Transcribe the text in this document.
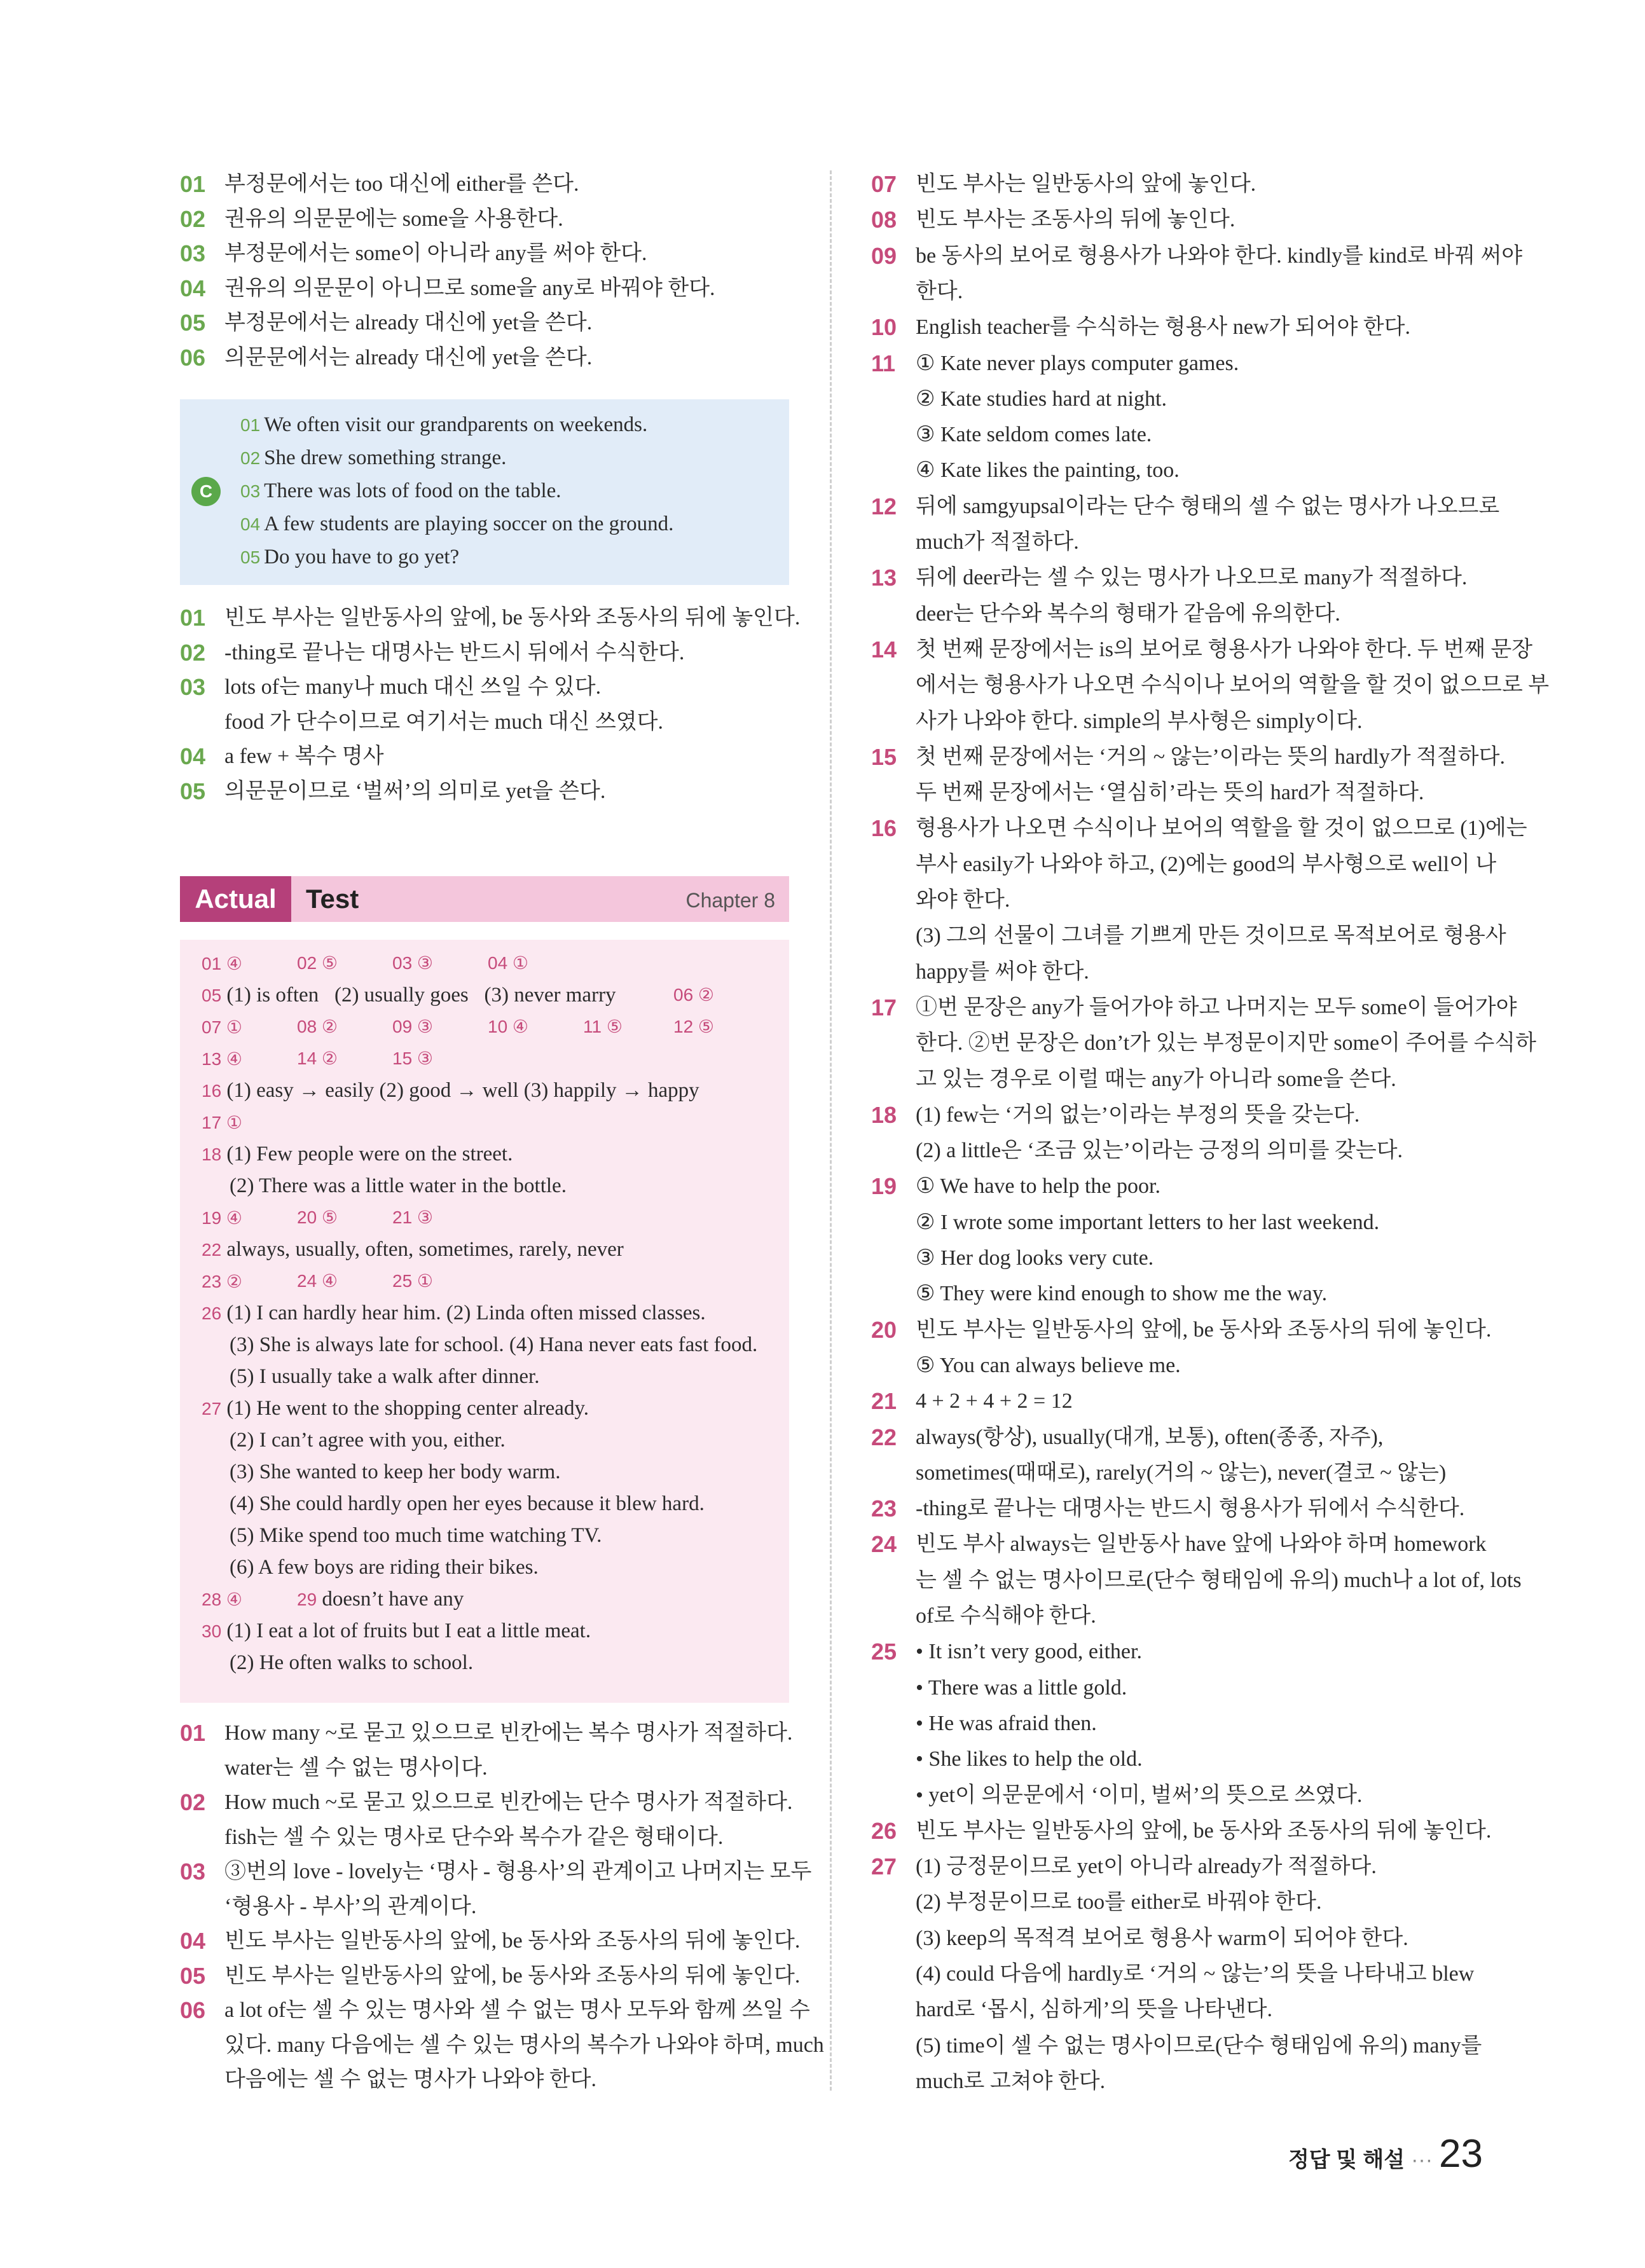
01 부정문에서는 too 대신에 either를 쓴다.
02 권유의 의문문에는 some을 사용한다.
03 부정문에서는 some이 아니라 any를 써야 한다.
04 권유의 의문문이 아니므로 some을 any로 바꿔야 한다.
05 부정문에서는 already 대신에 yet을 쓴다.
06 의문문에서는 already 대신에 yet을 쓴다.
C
01 We often visit our grandparents on weekends.
02 She drew something strange.
03 There was lots of food on the table.
04 A few students are playing soccer on the ground.
05 Do you have to go yet?
01 빈도 부사는 일반동사의 앞에, be 동사와 조동사의 뒤에 놓인다.
02 -thing로 끝나는 대명사는 반드시 뒤에서 수식한다.
03 lots of는 many나 much 대신 쓰일 수 있다.
food 가 단수이므로 여기서는 much 대신 쓰였다.
04 a few + 복수 명사
05 의문문이므로 ‘벌써’의 의미로 yet을 쓴다.
Actual	Test	Chapter 8
01 ④	02 ⑤	03 ③	04 ①
05 (1) is often (2) usually goes (3) never marry	06 ②
07 ①	08 ②	09 ③	10 ④	11 ⑤	12 ⑤
13 ④	14 ②	15 ③
16 (1) easy → easily (2) good → well (3) happily → happy
17 ①
18 (1) Few people were on the street.
(2) There was a little water in the bottle.
19 ④	20 ⑤	21 ③
22 always, usually, often, sometimes, rarely, never
23 ②	24 ④	25 ①
26 (1) I can hardly hear him. (2) Linda often missed classes.
(3) She is always late for school. (4) Hana never eats fast food.
(5) I usually take a walk after dinner.
27 (1) He went to the shopping center already.
(2) I can’t agree with you, either.
(3) She wanted to keep her body warm.
(4) She could hardly open her eyes because it blew hard.
(5) Mike spend too much time watching TV.
(6) A few boys are riding their bikes.
28 ④	29 doesn’t have any
30 (1) I eat a lot of fruits but I eat a little meat.
(2) He often walks to school.
01 How many ~로 묻고 있으므로 빈칸에는 복수 명사가 적절하다.
water는 셀 수 없는 명사이다.
02 How much ~로 묻고 있으므로 빈칸에는 단수 명사가 적절하다.
fish는 셀 수 있는 명사로 단수와 복수가 같은 형태이다.
03 ③번의 love - lovely는 ‘명사 - 형용사’의 관계이고 나머지는 모두
‘형용사 - 부사’의 관계이다.
04 빈도 부사는 일반동사의 앞에, be 동사와 조동사의 뒤에 놓인다.
05 빈도 부사는 일반동사의 앞에, be 동사와 조동사의 뒤에 놓인다.
06 a lot of는 셀 수 있는 명사와 셀 수 없는 명사 모두와 함께 쓰일 수
있다. many 다음에는 셀 수 있는 명사의 복수가 나와야 하며, much
다음에는 셀 수 없는 명사가 나와야 한다.
07 빈도 부사는 일반동사의 앞에 놓인다.
08 빈도 부사는 조동사의 뒤에 놓인다.
09 be 동사의 보어로 형용사가 나와야 한다. kindly를 kind로 바꿔 써야
한다.
10 English teacher를 수식하는 형용사 new가 되어야 한다.
11 ① Kate never plays computer games.
② Kate studies hard at night.
③ Kate seldom comes late.
④ Kate likes the painting, too.
12 뒤에 samgyupsal이라는 단수 형태의 셀 수 없는 명사가 나오므로
much가 적절하다.
13 뒤에 deer라는 셀 수 있는 명사가 나오므로 many가 적절하다.
deer는 단수와 복수의 형태가 같음에 유의한다.
14 첫 번째 문장에서는 is의 보어로 형용사가 나와야 한다. 두 번째 문장
에서는 형용사가 나오면 수식이나 보어의 역할을 할 것이 없으므로 부
사가 나와야 한다. simple의 부사형은 simply이다.
15 첫 번째 문장에서는 ‘거의 ~ 않는’이라는 뜻의 hardly가 적절하다.
두 번째 문장에서는 ‘열심히’라는 뜻의 hard가 적절하다.
16 형용사가 나오면 수식이나 보어의 역할을 할 것이 없으므로 (1)에는
부사 easily가 나와야 하고, (2)에는 good의 부사형으로 well이 나
와야 한다.
(3) 그의 선물이 그녀를 기쁘게 만든 것이므로 목적보어로 형용사
happy를 써야 한다.
17 ①번 문장은 any가 들어가야 하고 나머지는 모두 some이 들어가야
한다. ②번 문장은 don’t가 있는 부정문이지만 some이 주어를 수식하
고 있는 경우로 이럴 때는 any가 아니라 some을 쓴다.
18 (1) few는 ‘거의 없는’이라는 부정의 뜻을 갖는다.
(2) a little은 ‘조금 있는’이라는 긍정의 의미를 갖는다.
19 ① We have to help the poor.
② I wrote some important letters to her last weekend.
③ Her dog looks very cute.
⑤ They were kind enough to show me the way.
20 빈도 부사는 일반동사의 앞에, be 동사와 조동사의 뒤에 놓인다.
⑤ You can always believe me.
21 4 + 2 + 4 + 2 = 12
22 always(항상), usually(대개, 보통), often(종종, 자주),
sometimes(때때로), rarely(거의 ~ 않는), never(결코 ~ 않는)
23 -thing로 끝나는 대명사는 반드시 형용사가 뒤에서 수식한다.
24 빈도 부사 always는 일반동사 have 앞에 나와야 하며 homework
는 셀 수 없는 명사이므로(단수 형태임에 유의) much나 a lot of, lots
of로 수식해야 한다.
25 • It isn’t very good, either.
• There was a little gold.
• He was afraid then.
• She likes to help the old.
• yet이 의문문에서 ‘이미, 벌써’의 뜻으로 쓰였다.
26 빈도 부사는 일반동사의 앞에, be 동사와 조동사의 뒤에 놓인다.
27 (1) 긍정문이므로 yet이 아니라 already가 적절하다.
(2) 부정문이므로 too를 either로 바꿔야 한다.
(3) keep의 목적격 보어로 형용사 warm이 되어야 한다.
(4) could 다음에 hardly로 ‘거의 ~ 않는’의 뜻을 나타내고 blew
hard로 ‘몹시, 심하게’의 뜻을 나타낸다.
(5) time이 셀 수 없는 명사이므로(단수 형태임에 유의) many를
much로 고쳐야 한다.
정답 및 해설 ··· 23
